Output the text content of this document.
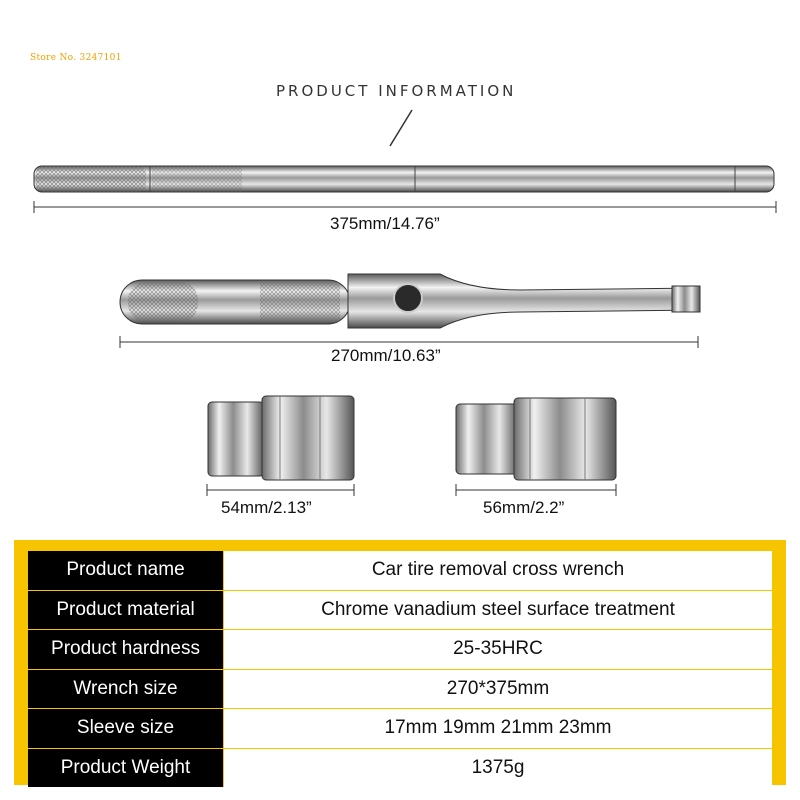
Store No. 3247101
PRODUCT INFORMATION
375mm/14.76”
270mm/10.63”
54mm/2.13”	56mm/2.2”
Product name	Car tire removal cross wrench
Product material	Chrome vanadium steel surface treatment
Product hardness	25-35HRC
Wrench size	270*375mm
Sleeve size	17mm 19mm 21mm 23mm
Product Weight	1375g
